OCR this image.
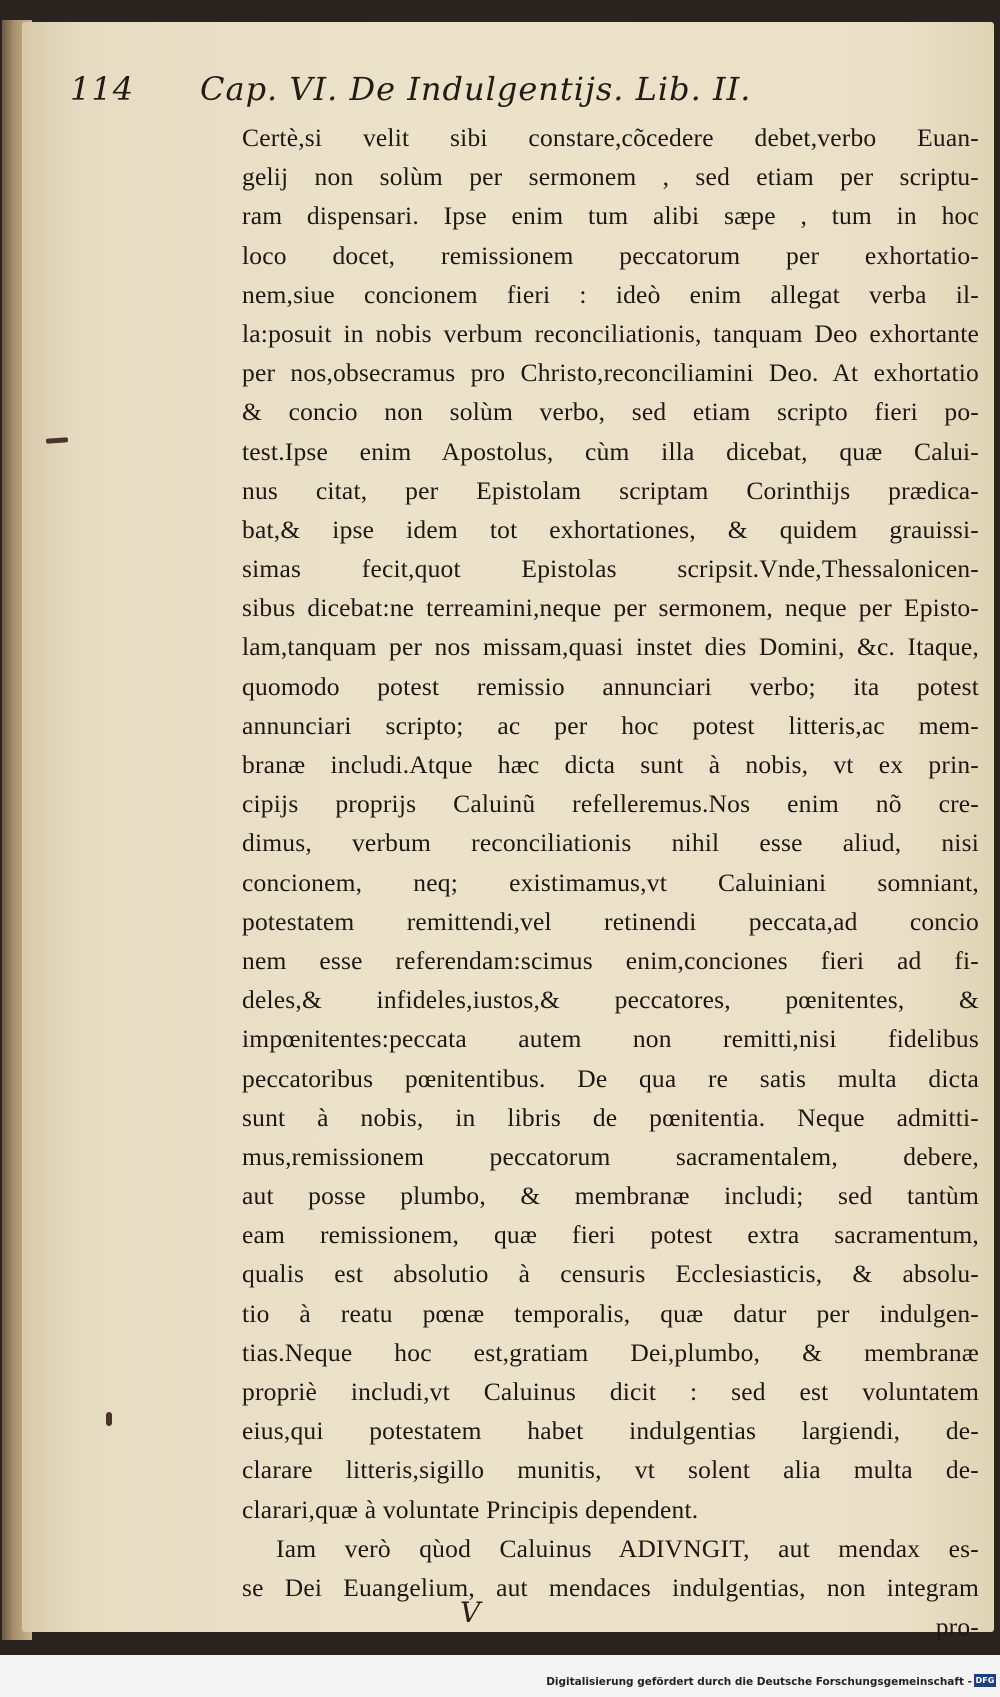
114 Cap. VI. De Indulgentijs. Lib. II.
Certè,si velit sibi constare,cõcedere debet,verbo Euan-
gelij non solùm per sermonem , sed etiam per scriptu-
ram dispensari. Ipse enim tum alibi sæpe , tum in hoc
loco docet, remissionem peccatorum per exhortatio-
nem,siue concionem fieri : ideò enim allegat verba il-
la:posuit in nobis verbum reconciliationis, tanquam Deo exhortante
per nos,obsecramus pro Christo,reconciliamini Deo. At exhortatio
& concio non solùm verbo, sed etiam scripto fieri po-
test.Ipse enim Apostolus, cùm illa dicebat, quæ Calui-
nus citat, per Epistolam scriptam Corinthijs prædica-
bat,& ipse idem tot exhortationes, & quidem grauissi-
simas fecit,quot Epistolas scripsit.Vnde,Thessalonicen-
sibus dicebat:ne terreamini,neque per sermonem, neque per Episto-
lam,tanquam per nos missam,quasi instet dies Domini, &c. Itaque,
quomodo potest remissio annunciari verbo; ita potest
annunciari scripto; ac per hoc potest litteris,ac mem-
branæ includi.Atque hæc dicta sunt à nobis, vt ex prin-
cipijs proprijs Caluinũ refelleremus.Nos enim nõ cre-
dimus, verbum reconciliationis nihil esse aliud, nisi
concionem, neq; existimamus,vt Caluiniani somniant,
potestatem remittendi,vel retinendi peccata,ad concio
nem esse referendam:scimus enim,conciones fieri ad fi-
deles,& infideles,iustos,& peccatores, pœnitentes, &
impœnitentes:peccata autem non remitti,nisi fidelibus
peccatoribus pœnitentibus. De qua re satis multa dicta
sunt à nobis, in libris de pœnitentia. Neque admitti-
mus,remissionem peccatorum sacramentalem, debere,
aut posse plumbo, & membranæ includi; sed tantùm
eam remissionem, quæ fieri potest extra sacramentum,
qualis est absolutio à censuris Ecclesiasticis, & absolu-
tio à reatu pœnæ temporalis, quæ datur per indulgen-
tias.Neque hoc est,gratiam Dei,plumbo, & membranæ
propriè includi,vt Caluinus dicit : sed est voluntatem
eius,qui potestatem habet indulgentias largiendi, de-
clarare litteris,sigillo munitis, vt solent alia multa de-
clarari,quæ à voluntate Principis dependent.
Iam verò qùod Caluinus ADIVNGIT, aut mendax es-
se Dei Euangelium, aut mendaces indulgentias, non integram
pro-
V
Digitalisierung gefördert durch die Deutsche Forschungsgemeinschaft - DFG
